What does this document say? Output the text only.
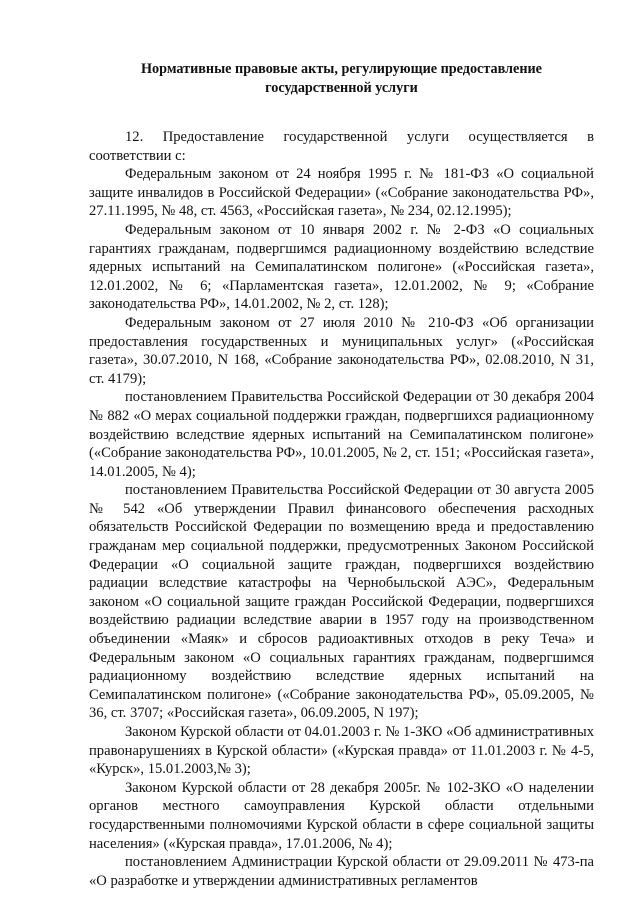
Нормативные правовые акты, регулирующие предоставление
государственной услуги

12. Предоставление государственной услуги осуществляется в соответствии с:

Федеральным законом от 24 ноября 1995 г. № 181-ФЗ «О социальной защите инвалидов в Российской Федерации» («Собрание законодательства РФ», 27.11.1995, № 48, ст. 4563, «Российская газета», № 234, 02.12.1995);

Федеральным законом от 10 января 2002 г. № 2-ФЗ «О социальных гарантиях гражданам, подвергшимся радиационному воздействию вследствие ядерных испытаний на Семипалатинском полигоне» («Российская газета», 12.01.2002, № 6; «Парламентская газета», 12.01.2002, № 9; «Собрание законодательства РФ», 14.01.2002, № 2, ст. 128);

Федеральным законом от 27 июля 2010 № 210-ФЗ «Об организации предоставления государственных и муниципальных услуг» («Российская газета», 30.07.2010, N 168, «Собрание законодательства РФ», 02.08.2010, N 31, ст. 4179);

постановлением Правительства Российской Федерации от 30 декабря 2004 № 882 «О мерах социальной поддержки граждан, подвергшихся радиационному воздействию вследствие ядерных испытаний на Семипалатинском полигоне» («Собрание законодательства РФ», 10.01.2005, № 2, ст. 151; «Российская газета», 14.01.2005, № 4);

постановлением Правительства Российской Федерации от 30 августа 2005 № 542 «Об утверждении Правил финансового обеспечения расходных обязательств Российской Федерации по возмещению вреда и предоставлению гражданам мер социальной поддержки, предусмотренных Законом Российской Федерации «О социальной защите граждан, подвергшихся воздействию радиации вследствие катастрофы на Чернобыльской АЭС», Федеральным законом «О социальной защите граждан Российской Федерации, подвергшихся воздействию радиации вследствие аварии в 1957 году на производственном объединении «Маяк» и сбросов радиоактивных отходов в реку Теча» и Федеральным законом «О социальных гарантиях гражданам, подвергшимся радиационному воздействию вследствие ядерных испытаний на Семипалатинском полигоне» («Собрание законодательства РФ», 05.09.2005, № 36, ст. 3707; «Российская газета», 06.09.2005, N 197);

Законом Курской области от 04.01.2003 г. № 1-ЗКО «Об административных правонарушениях в Курской области» («Курская правда» от 11.01.2003 г. № 4-5, «Курск», 15.01.2003,№ 3);

Законом Курской области от 28 декабря 2005г. № 102-ЗКО «О наделении органов местного самоуправления Курской области отдельными государственными полномочиями Курской области в сфере социальной защиты населения» («Курская правда», 17.01.2006, № 4);

постановлением Администрации Курской области от 29.09.2011 № 473-па «О разработке и утверждении административных регламентов
